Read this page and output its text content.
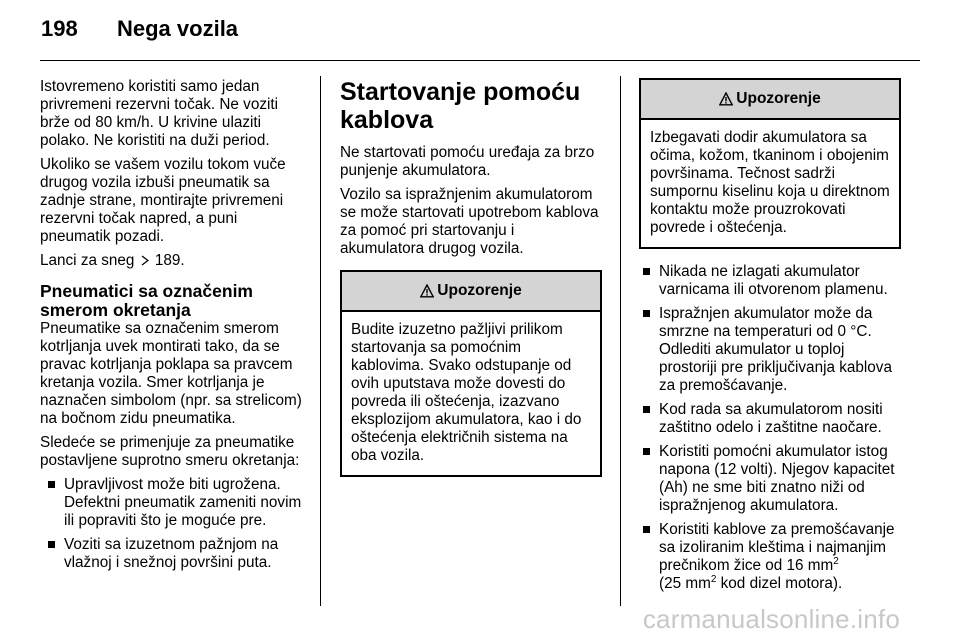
198	Nega vozila

Istovremeno koristiti samo jedan privremeni rezervni točak. Ne voziti brže od 80 km/h. U krivine ulaziti polako. Ne koristiti na duži period.

Ukoliko se vašem vozilu tokom vuče drugog vozila izbuši pneumatik sa zadnje strane, montirajte privremeni rezervni točak napred, a puni pneumatik pozadi.

Lanci za sneg 189.

Pneumatici sa označenim smerom okretanja

Pneumatike sa označenim smerom kotrljanja uvek montirati tako, da se pravac kotrljanja poklapa sa pravcem kretanja vozila. Smer kotrljanja je naznačen simbolom (npr. sa strelicom) na bočnom zidu pneumatika.

Sledeće se primenjuje za pneumatike postavljene suprotno smeru okretanja:

Upravljivost može biti ugrožena. Defektni pneumatik zameniti novim ili popraviti što je moguće pre.
Voziti sa izuzetnom pažnjom na vlažnoj i snežnoj površini puta.
Startovanje pomoću kablova

Ne startovati pomoću uređaja za brzo punjenje akumulatora.

Vozilo sa ispražnjenim akumulatorom se može startovati upotrebom kablova za pomoć pri startovanju i akumulatora drugog vozila.

Upozorenje
Budite izuzetno pažljivi prilikom startovanja sa pomoćnim kablovima. Svako odstupanje od ovih uputstava može dovesti do povreda ili oštećenja, izazvano eksplozijom akumulatora, kao i do oštećenja električnih sistema na oba vozila.
Upozorenje
Izbegavati dodir akumulatora sa očima, kožom, tkaninom i obojenim površinama. Tečnost sadrži sumpornu kiselinu koja u direktnom kontaktu može prouzrokovati povrede i oštećenja.
Nikada ne izlagati akumulator varnicama ili otvorenom plamenu.
Ispražnjen akumulator može da smrzne na temperaturi od 0 °C. Odlediti akumulator u toploj prostoriji pre priključivanja kablova za premošćavanje.
Kod rada sa akumulatorom nositi zaštitno odelo i zaštitne naočare.
Koristiti pomoćni akumulator istog napona (12 volti). Njegov kapacitet (Ah) ne sme biti znatno niži od ispražnjenog akumulatora.
Koristiti kablove za premošćavanje sa izoliranim kleštima i najmanjim prečnikom žice od 16 $mm^2$
(25 $mm^2$ kod dizel motora).
carmanualsonline.info
